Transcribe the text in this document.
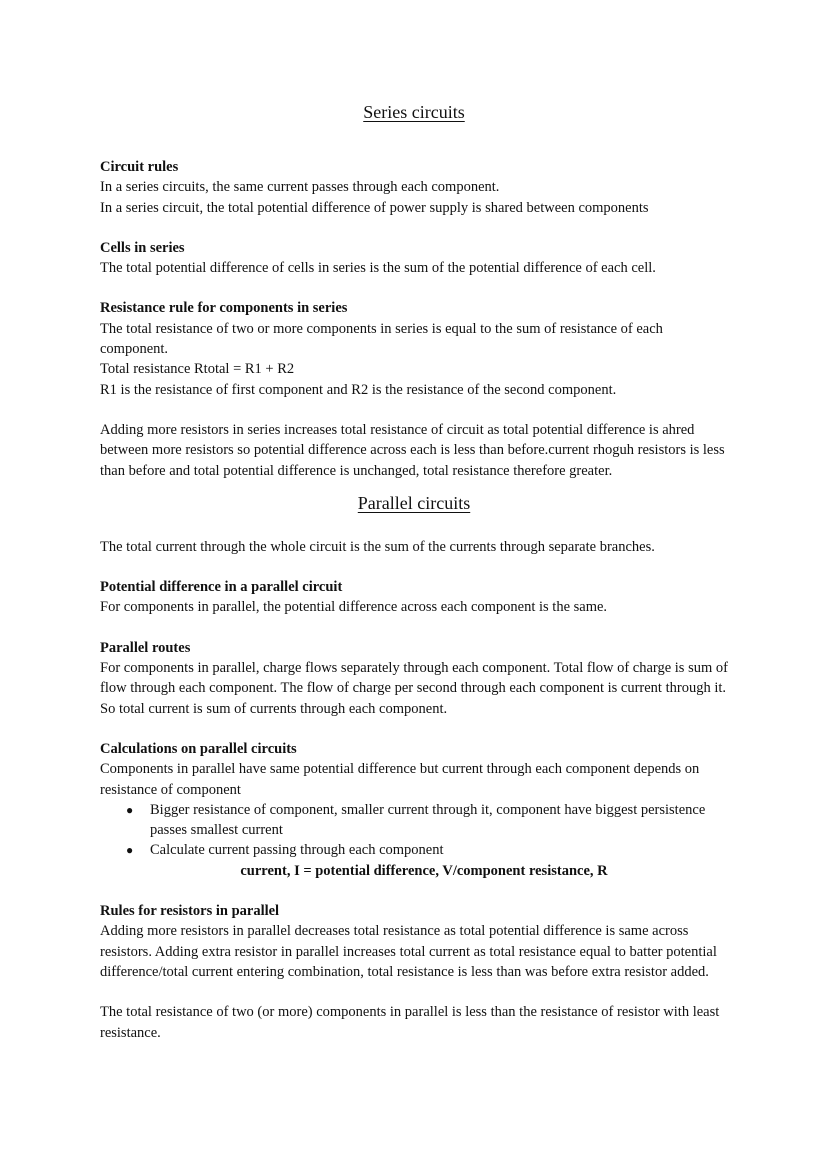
Series circuits
Circuit rules

In a series circuits, the same current passes through each component.

In a series circuit, the total potential difference of power supply is shared between components

Cells in series

The total potential difference of cells in series is the sum of the potential difference of each cell.

Resistance rule for components in series

The total resistance of two or more components in series is equal to the sum of resistance of each component.

Total resistance Rtotal = R1 + R2

R1 is the resistance of first component and R2 is the resistance of the second component.

Adding more resistors in series increases total resistance of circuit as total potential difference is ahred between more resistors so potential difference across each is less than before.current rhoguh resistors is less than before and total potential difference is unchanged, total resistance therefore greater.

Parallel circuits

The total current through the whole circuit is the sum of the currents through separate branches.

Potential difference in a parallel circuit

For components in parallel, the potential difference across each component is the same.

Parallel routes

For components in parallel, charge flows separately through each component. Total flow of charge is sum of flow through each component. The flow of charge per second through each component is current through it. So total current is sum of currents through each component.

Calculations on parallel circuits

Components in parallel have same potential difference but current through each component depends on resistance of component

● Bigger resistance of component, smaller current through it, component have biggest persistence passes smallest current
● Calculate current passing through each component

current, I = potential difference, V/component resistance, R

Rules for resistors in parallel

Adding more resistors in parallel decreases total resistance as total potential difference is same across resistors. Adding extra resistor in parallel increases total current as total resistance equal to batter potential difference/total current entering combination, total resistance is less than was before extra resistor added.

The total resistance of two (or more) components in parallel is less than the resistance of resistor with least resistance.
